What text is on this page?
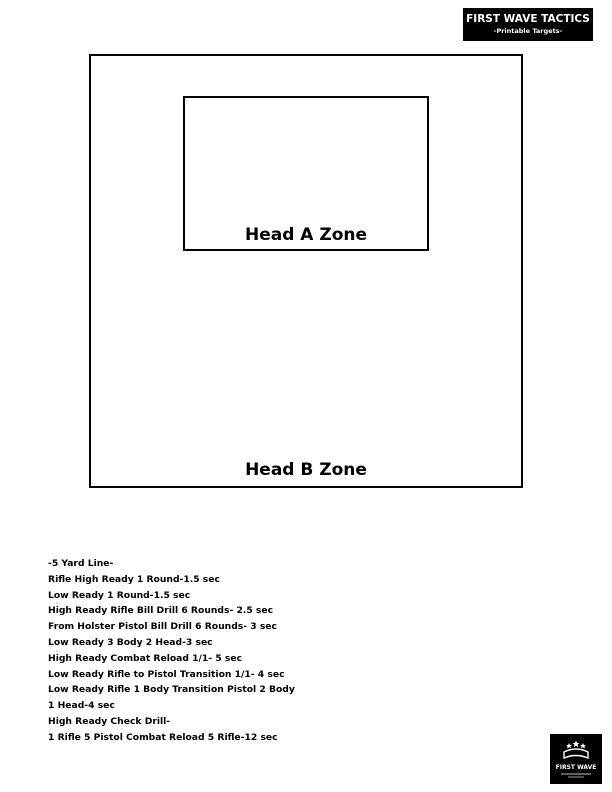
FIRST WAVE TACTICS
-Printable Targets-
Head A Zone
Head B Zone
-5 Yard Line-
Rifle High Ready 1 Round-1.5 sec
Low Ready 1 Round-1.5 sec
High Ready Rifle Bill Drill 6 Rounds- 2.5 sec
From Holster Pistol Bill Drill 6 Rounds- 3 sec
Low Ready 3 Body 2 Head-3 sec
High Ready Combat Reload 1/1- 5 sec
Low Ready Rifle to Pistol Transition 1/1- 4 sec
Low Ready Rifle 1 Body Transition Pistol 2 Body
1 Head-4 sec
High Ready Check Drill-
1 Rifle 5 Pistol Combat Reload 5 Rifle-12 sec
FIRST WAVE
